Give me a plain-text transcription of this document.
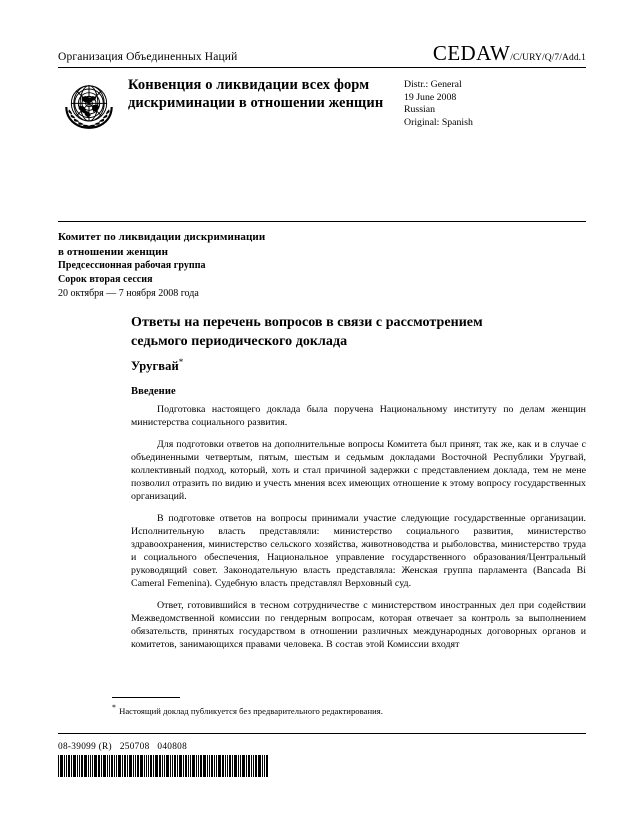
Организация Объединенных Наций	CEDAW /C/URY/Q/7/Add.1
Конвенция о ликвидации всех форм дискриминации в отношении женщин
Distr.: General
19 June 2008
Russian
Original: Spanish
Комитет по ликвидации дискриминации
в отношении женщин
Предсессионная рабочая группа
Сорок вторая сессия
20 октября — 7 ноября 2008 года
Ответы на перечень вопросов в связи с рассмотрением седьмого периодического доклада
Уругвай*
Введение

Подготовка настоящего доклада была поручена Национальному институту по делам женщин министерства социального развития.

Для подготовки ответов на дополнительные вопросы Комитета был принят, так же, как и в случае с объединенными четвертым, пятым, шестым и седьмым докладами Восточной Республики Уругвай, коллективный подход, который, хоть и стал причиной задержки с представлением доклада, тем не мене позволил отразить по видию и учесть мнения всех имеющих отношение к этому вопросу государственных организаций.

В подготовке ответов на вопросы принимали участие следующие государственные организации. Исполнительную власть представляли: министерство социального развития, министерство здравоохранения, министерство сельского хозяйства, животноводства и рыболовства, министерство труда и социального обеспечения, Национальное управление государственного образования/Центральный руководящий совет. Законодательную власть представляла: Женская группа парламента (Bancada Bi Cameral Femenina). Судебную власть представлял Верховный суд.

Ответ, готовившийся в тесном сотрудничестве с министерством иностранных дел при содействии Межведомственной комиссии по гендерным вопросам, которая отвечает за контроль за выполнением обязательств, принятых государством в отношении различных международных договорных органов и комитетов, занимающихся правами человека. В состав этой Комиссии входят

* Настоящий доклад публикуется без предварительного редактирования.
08-39099 (R)   250708   040808
